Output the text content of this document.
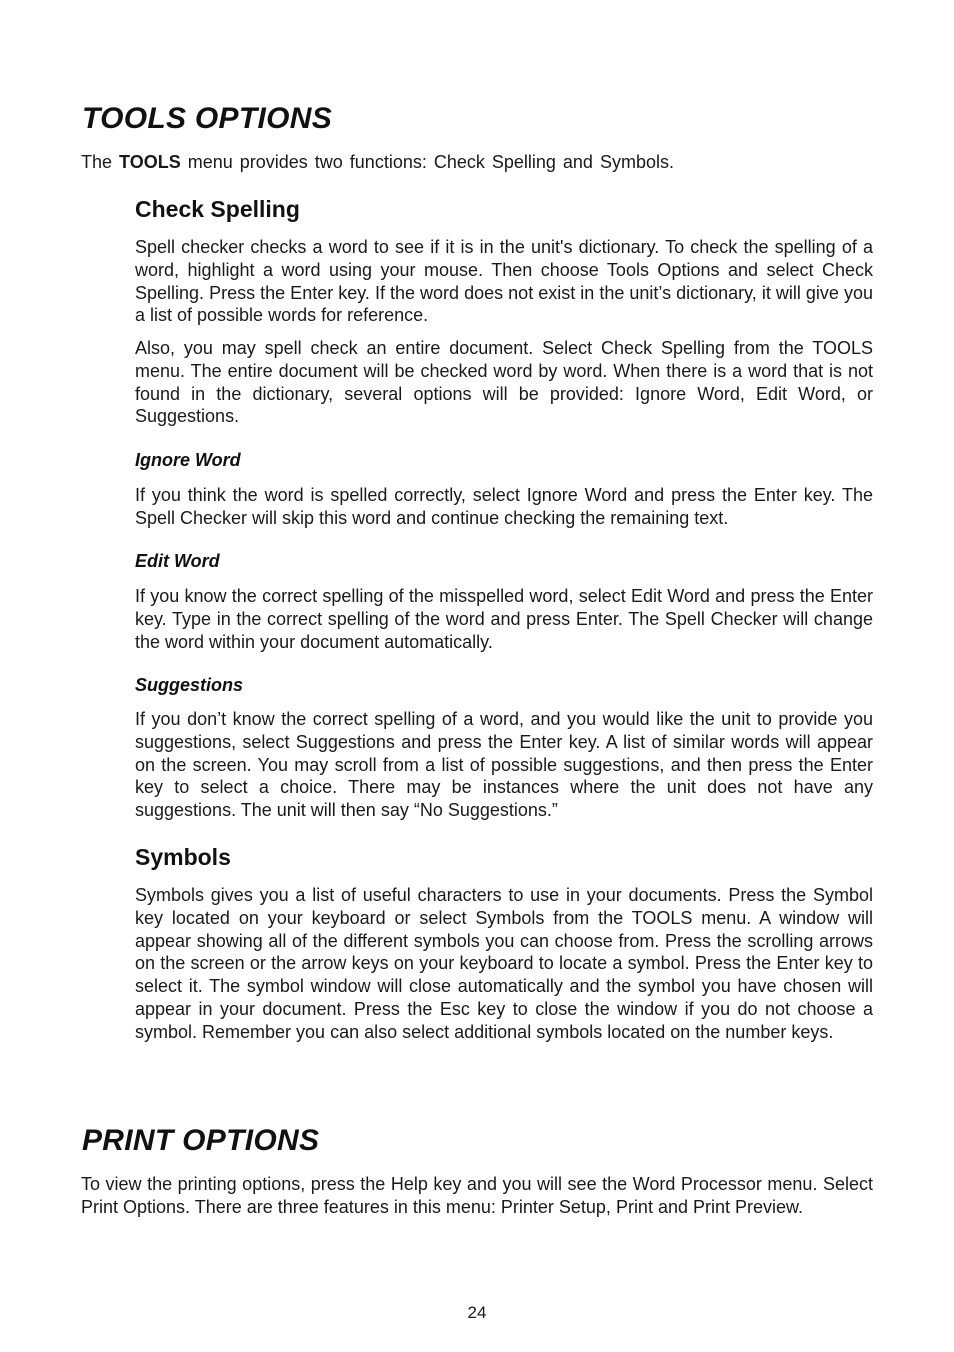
TOOLS OPTIONS

The TOOLS menu provides two functions: Check Spelling and Symbols.

Check Spelling

Spell checker checks a word to see if it is in the unit's dictionary. To check the spelling of a word, highlight a word using your mouse. Then choose Tools Options and select Check Spelling. Press the Enter key. If the word does not exist in the unit’s dictionary, it will give you a list of possible words for reference.

Also, you may spell check an entire document. Select Check Spelling from the TOOLS menu. The entire document will be checked word by word. When there is a word that is not found in the dictionary, several options will be provided: Ignore Word, Edit Word, or Suggestions.

Ignore Word

If you think the word is spelled correctly, select Ignore Word and press the Enter key. The Spell Checker will skip this word and continue checking the remaining text.

Edit Word

If you know the correct spelling of the misspelled word, select Edit Word and press the Enter key. Type in the correct spelling of the word and press Enter. The Spell Checker will change the word within your document automatically.

Suggestions

If you don’t know the correct spelling of a word, and you would like the unit to provide you suggestions, select Suggestions and press the Enter key. A list of similar words will appear on the screen. You may scroll from a list of possible suggestions, and then press the Enter key to select a choice. There may be instances where the unit does not have any suggestions. The unit will then say “No Suggestions.”

Symbols

Symbols gives you a list of useful characters to use in your documents. Press the Symbol key located on your keyboard or select Symbols from the TOOLS menu. A window will appear showing all of the different symbols you can choose from. Press the scrolling arrows on the screen or the arrow keys on your keyboard to locate a symbol. Press the Enter key to select it. The symbol window will close automatically and the symbol you have chosen will appear in your document. Press the Esc key to close the window if you do not choose a symbol. Remember you can also select additional symbols located on the number keys.

PRINT OPTIONS

To view the printing options, press the Help key and you will see the Word Processor menu. Select Print Options. There are three features in this menu: Printer Setup, Print and Print Preview.

24
